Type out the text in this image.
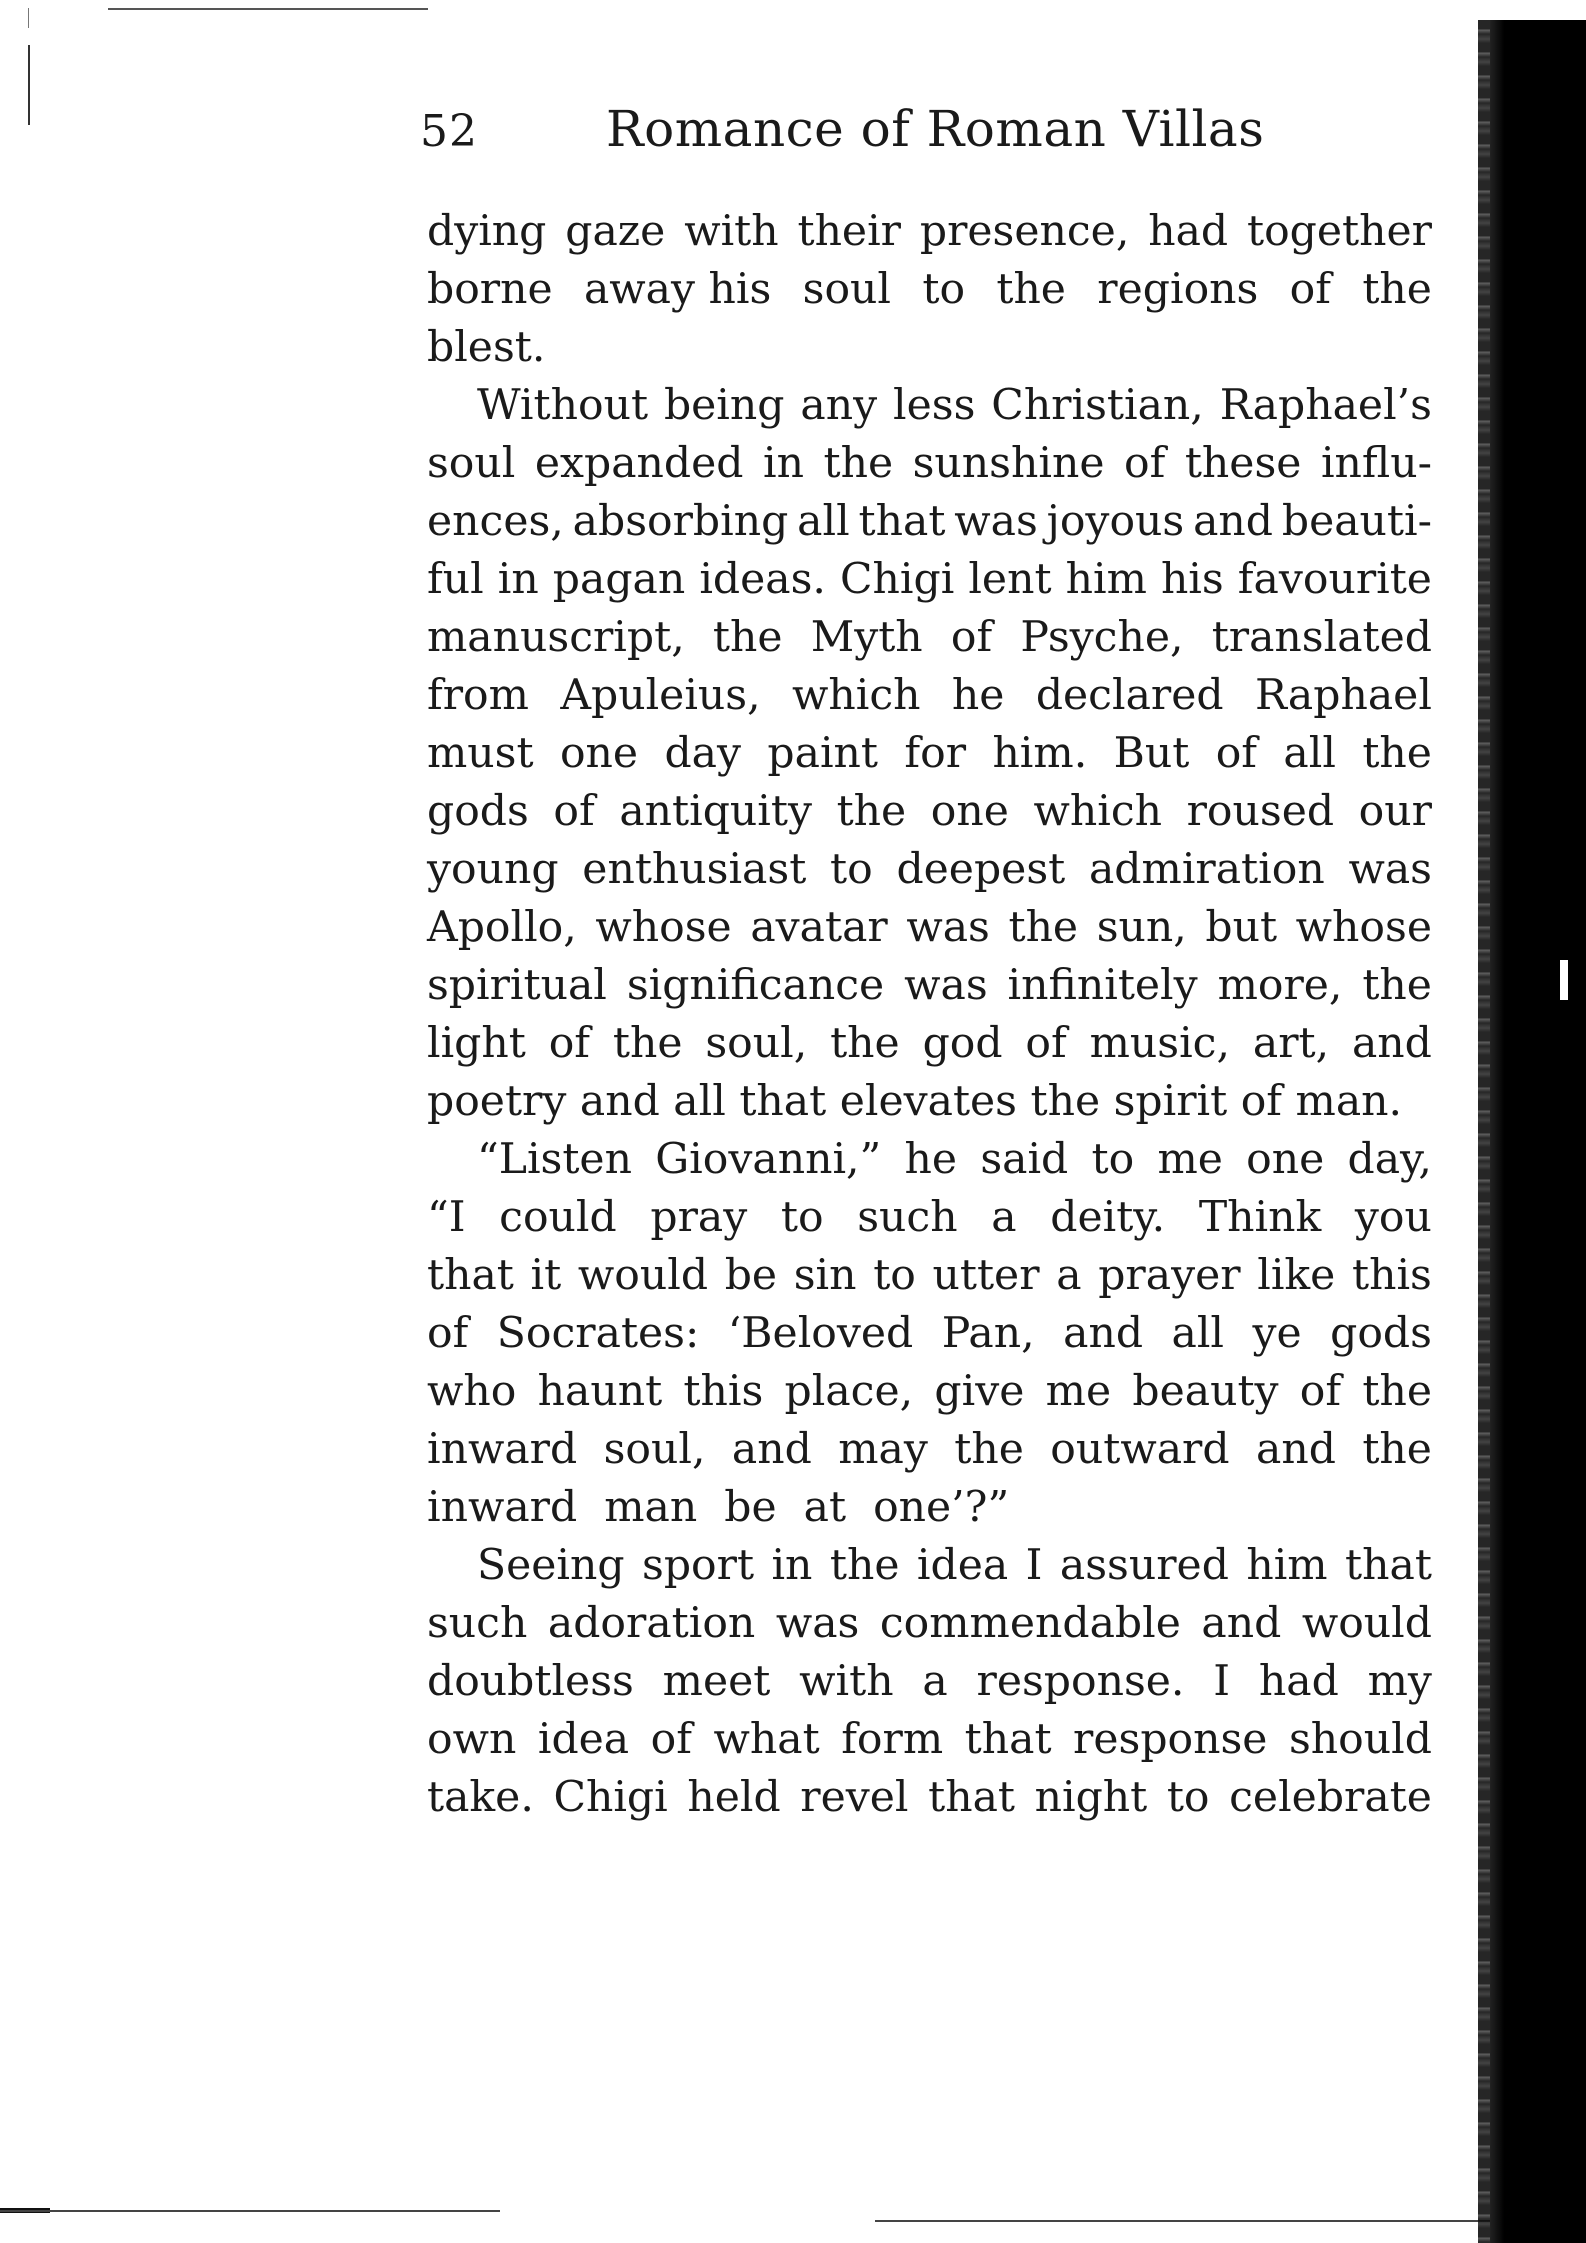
52	Romance of Roman Villas
dying gaze with their presence, had together
borne away his soul to the regions of the
blest.
Without being any less Christian, Raphael’s
soul expanded in the sunshine of these influ-
ences, absorbing all that was joyous and beauti-
ful in pagan ideas. Chigi lent him his favourite
manuscript, the Myth of Psyche, translated
from Apuleius, which he declared Raphael
must one day paint for him. But of all the
gods of antiquity the one which roused our
young enthusiast to deepest admiration was
Apollo, whose avatar was the sun, but whose
spiritual significance was infinitely more, the
light of the soul, the god of music, art, and
poetry and all that elevates the spirit of man.
“Listen Giovanni,” he said to me one day,
“I could pray to such a deity. Think you
that it would be sin to utter a prayer like this
of Socrates: ‘Beloved Pan, and all ye gods
who haunt this place, give me beauty of the
inward soul, and may the outward and the
inward  man  be  at  one’?”
Seeing sport in the idea I assured him that
such adoration was commendable and would
doubtless meet with a response. I had my
own idea of what form that response should
take. Chigi held revel that night to celebrate
